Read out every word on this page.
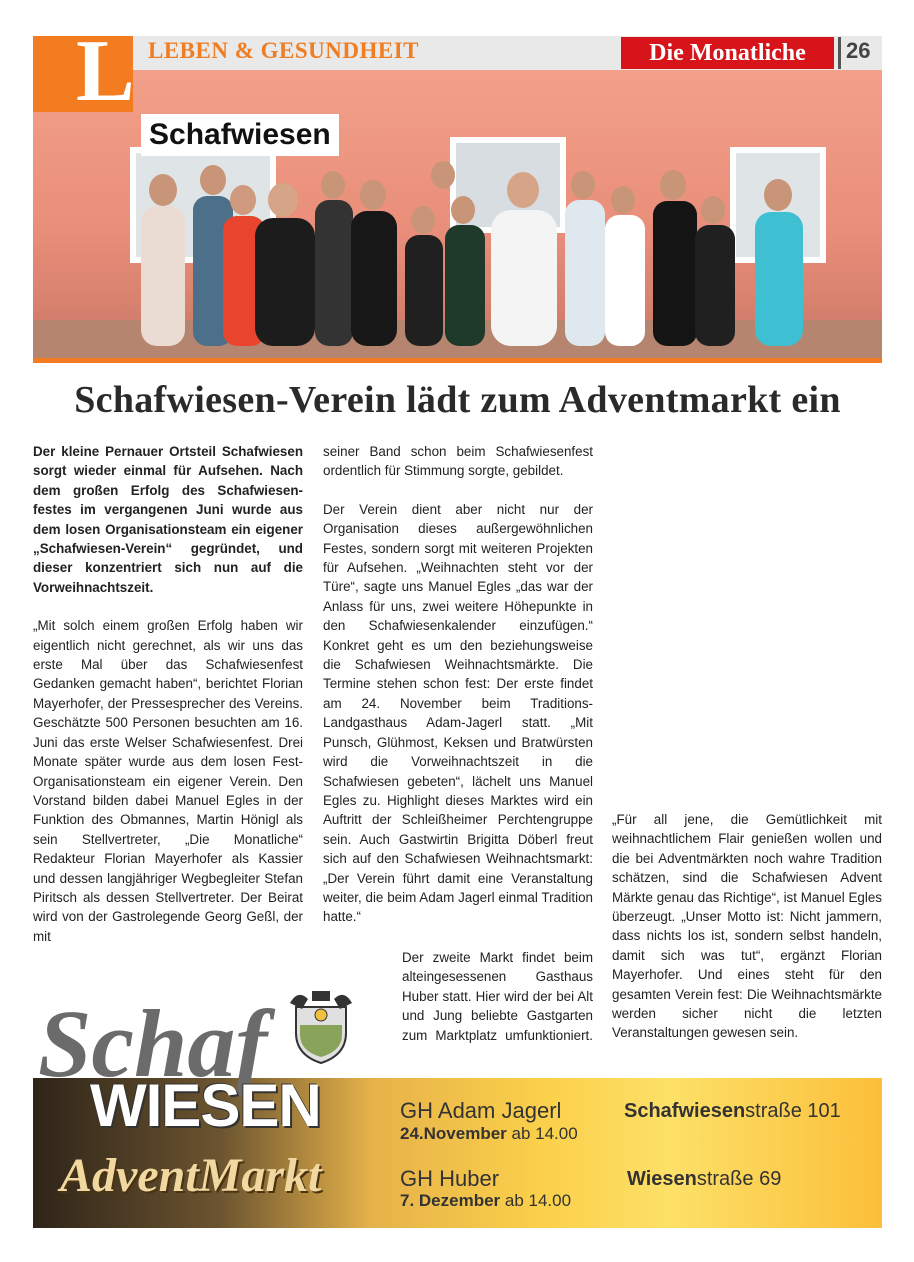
LEBEN & GESUNDHEIT	Die Monatliche	26
L
Schafwiesen
Schafwiesen-Verein lädt zum Adventmarkt ein

Der kleine Pernauer Ortsteil Schafwiesen sorgt wieder einmal für Aufsehen. Nach dem großen Erfolg des Schafwiesen-festes im vergangenen Juni wurde aus dem losen Organisationsteam ein eigener „Schafwiesen-Verein“ gegründet, und dieser konzentriert sich nun auf die Vorweihnachtszeit.

„Mit solch einem großen Erfolg haben wir eigentlich nicht gerechnet, als wir uns das erste Mal über das Schafwiesenfest Gedanken gemacht haben“, berichtet Florian Mayerhofer, der Pressesprecher des Vereins. Geschätzte 500 Personen besuchten am 16. Juni das erste Welser Schafwiesenfest. Drei Monate später wurde aus dem losen Fest-Organisationsteam ein eigener Verein. Den Vorstand bilden dabei Manuel Egles in der Funktion des Obmannes, Martin Hönigl als sein Stellvertreter, „Die Monatliche“ Redakteur Florian Mayerhofer als Kassier und dessen langjähriger Wegbegleiter Stefan Piritsch als dessen Stellvertreter. Der Beirat wird von der Gastrolegende Georg Geßl, der mit

seiner Band schon beim Schafwiesenfest ordentlich für Stimmung sorgte, gebildet.

Der Verein dient aber nicht nur der Organisation dieses außergewöhnlichen Festes, sondern sorgt mit weiteren Projekten für Aufsehen. „Weihnachten steht vor der Türe“, sagte uns Manuel Egles „das war der Anlass für uns, zwei weitere Höhepunkte in den Schafwiesenkalender einzufügen.“ Konkret geht es um den beziehungsweise die Schafwiesen Weihnachtsmärkte. Die Termine stehen schon fest: Der erste findet am 24. November beim Traditions-Landgasthaus Adam-Jagerl statt. „Mit Punsch, Glühmost, Keksen und Bratwürsten wird die Vorweihnachtszeit in die Schafwiesen gebeten“, lächelt uns Manuel Egles zu. Highlight dieses Marktes wird ein Auftritt der Schleißheimer Perchtengruppe sein. Auch Gastwirtin Brigitta Döberl freut sich auf den Schafwiesen Weihnachtsmarkt: „Der Verein führt damit eine Veranstaltung weiter, die beim Adam Jagerl einmal Tradition hatte.“

Der zweite Markt findet beim alteingesessenen Gasthaus Huber statt. Hier wird der bei Alt und Jung beliebte Gastgarten zum Marktplatz umfunktioniert.

„Für all jene, die Gemütlichkeit mit weihnachtlichem Flair genießen wollen und die bei Adventmärkten noch wahre Tradition schätzen, sind die Schafwiesen Advent Märkte genau das Richtige“, ist Manuel Egles überzeugt. „Unser Motto ist: Nicht jammern, dass nichts los ist, sondern selbst handeln, damit sich was tut“, ergänzt Florian Mayerhofer. Und eines steht für den gesamten Verein fest: Die Weihnachtsmärkte werden sicher nicht die letzten Veranstaltungen gewesen sein.

Schaf
WIESEN
AdventMarkt
GH Adam Jagerl
24.November ab 14.00
Schafwiesenstraße 101
GH Huber
7. Dezember ab 14.00
Wiesenstraße 69
